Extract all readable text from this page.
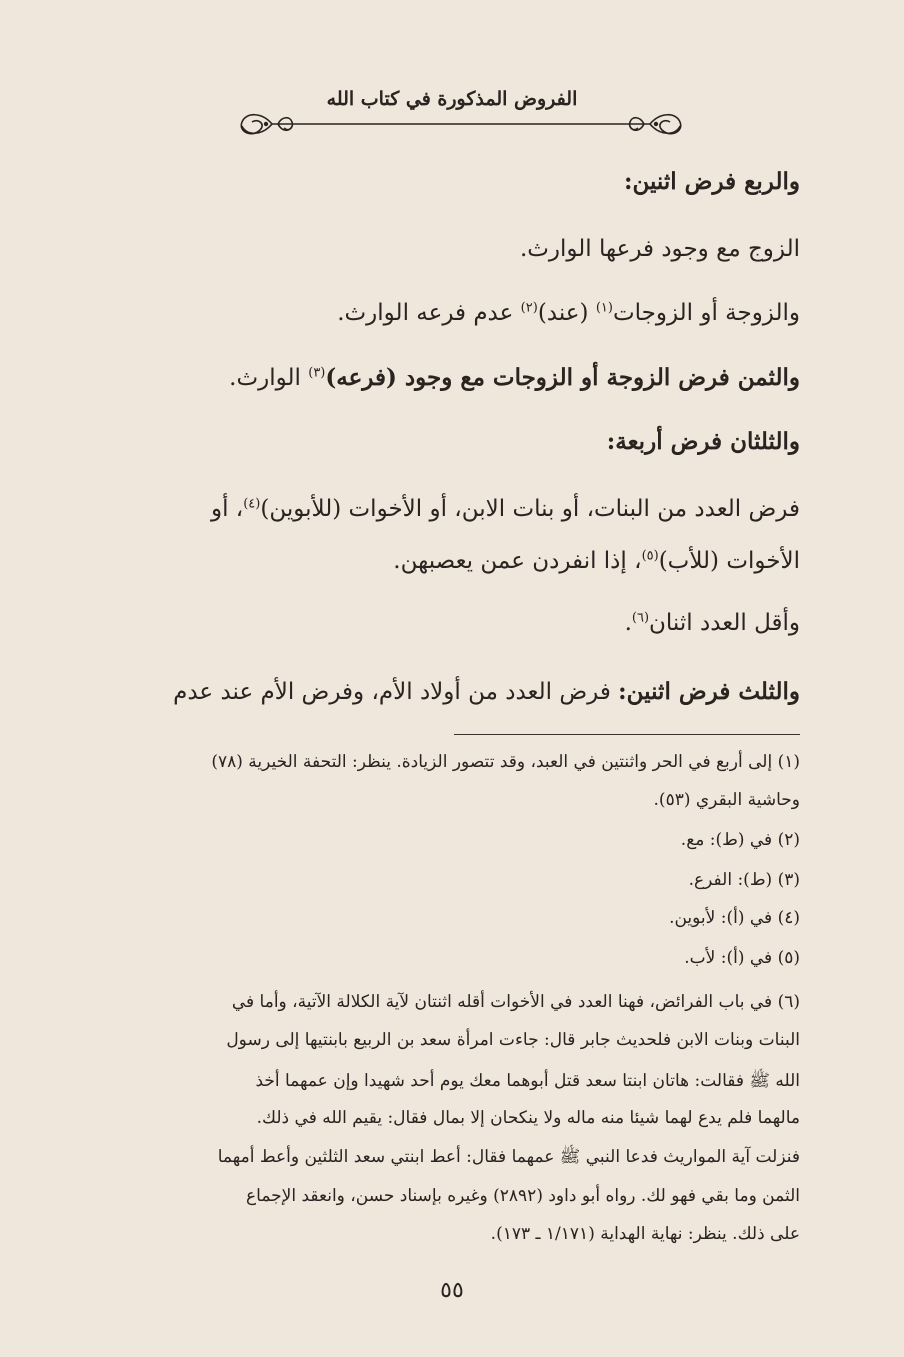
الفروض المذكورة في كتاب الله
والربع فرض اثنين:
الزوج مع وجود فرعها الوارث.
والزوجة أو الزوجات$^{(١)}$ (عند)$^{(٢)}$ عدم فرعه الوارث.
والثمن فرض الزوجة أو الزوجات مع وجود (فرعه)$^{(٣)}$ الوارث.
والثلثان فرض أربعة:
فرض العدد من البنات، أو بنات الابن، أو الأخوات (للأبوين)$^{(٤)}$، أو
الأخوات (للأب)$^{(٥)}$، إذا انفردن عمن يعصبهن.
وأقل العدد اثنان$^{(٦)}$.
والثلث فرض اثنين: فرض العدد من أولاد الأم، وفرض الأم عند عدم
(١) إلى أربع في الحر واثنتين في العبد، وقد تتصور الزيادة. ينظر: التحفة الخيرية (٧٨)
وحاشية البقري (٥٣).
(٢) في (ط): مع.
(٣) (ط): الفرع.
(٤) في (أ): لأبوين.
(٥) في (أ): لأب.
(٦) في باب الفرائض، فهنا العدد في الأخوات أقله اثنتان لآية الكلالة الآتية، وأما في
البنات وبنات الابن فلحديث جابر قال: جاءت امرأة سعد بن الربيع بابنتيها إلى رسول
الله ﷺ فقالت: هاتان ابنتا سعد قتل أبوهما معك يوم أحد شهيدا وإن عمهما أخذ
مالهما فلم يدع لهما شيئا منه ماله ولا ينكحان إلا بمال فقال: يقيم الله في ذلك.
فنزلت آية المواريث فدعا النبي ﷺ عمهما فقال: أعط ابنتي سعد الثلثين وأعط أمهما
الثمن وما بقي فهو لك. رواه أبو داود (٢٨٩٢) وغيره بإسناد حسن، وانعقد الإجماع
على ذلك. ينظر: نهاية الهداية (١/١٧١ ـ ١٧٣).
٥٥
